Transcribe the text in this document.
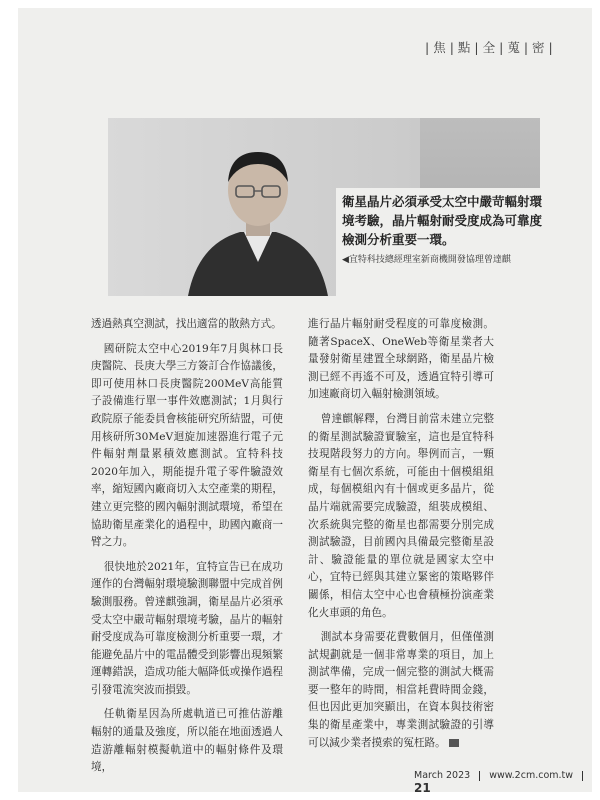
|焦|點|全|蒐|密|
衛星晶片必須承受太空中嚴苛輻射環境考驗，晶片輻射耐受度成為可靠度檢測分析重要一環。
◀宜特科技總經理室新商機開發協理曾達麒

透過熱真空測試，找出適當的散熱方式。

國研院太空中心2019年7月與林口長庚醫院、長庚大學三方簽訂合作協議後，即可使用林口長庚醫院200MeV高能質子設備進行單一事件效應測試；1月與行政院原子能委員會核能研究所結盟，可使用核研所30MeV迴旋加速器進行電子元件輻射劑量累積效應測試。宜特科技2020年加入，期能提升電子零件驗證效率，縮短國內廠商切入太空產業的期程，建立更完整的國內輻射測試環境，希望在協助衛星產業化的過程中，助國內廠商一臂之力。

很快地於2021年，宜特宣告已在成功運作的台灣輻射環境驗測聯盟中完成首例驗測服務。曾達麒強調，衛星晶片必須承受太空中嚴苛輻射環境考驗，晶片的輻射耐受度成為可靠度檢測分析重要一環，才能避免晶片中的電晶體受到影響出現頻繁運轉錯誤，造成功能大幅降低或操作過程引發電流突波而損毀。

任軌衛星因為所處軌道已可推估游離輻射的通量及強度，所以能在地面透過人造游離輻射模擬軌道中的輻射條件及環境，

進行晶片輻射耐受程度的可靠度檢測。隨著SpaceX、OneWeb等衛星業者大量發射衛星建置全球網路，衛星晶片檢測已經不再遙不可及，透過宜特引導可加速廠商切入輻射檢測領域。

曾達麒解釋，台灣目前當未建立完整的衛星測試驗證實驗室，這也是宜特科技現階段努力的方向。舉例而言，一顆衛星有七個次系統，可能由十個模組組成，每個模組內有十個或更多晶片，從晶片端就需要完成驗證，組裝成模組、次系統與完整的衛星也都需要分別完成測試驗證，目前國內具備最完整衛星設計、驗證能量的單位就是國家太空中心，宜特已經與其建立緊密的策略夥伴關係，相信太空中心也會積極扮演產業化火車頭的角色。

測試本身需要花費數個月，但僅僅測試規劃就是一個非常專業的項目，加上測試準備，完成一個完整的測試大概需要一整年的時間，相當耗費時間金錢，但也因此更加突顯出，在資本與技術密集的衛星產業中，專業測試驗證的引導可以減少業者摸索的冤枉路。

March 2023 www.2cm.com.tw  21
